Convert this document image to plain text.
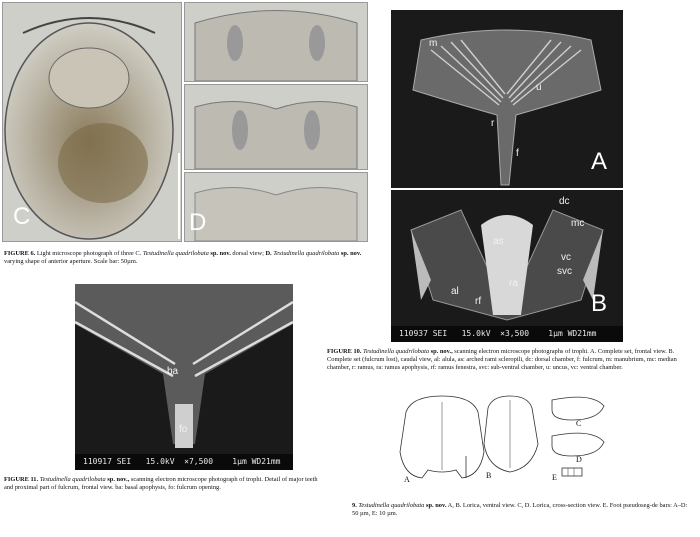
C	D
FIGURE 6. Light microscope photograph of three C. Testudinella quadrilobata sp. nov. dorsal view; D. Testudinella quadrilobata sp. nov. varying shape of anterior aperture. Scale bar: 50µm.
m
u
r
f	A
dc
mc
as
vc
svc
al
rf
ra
B
110937 SEI   15.0kV  ×3,500    1µm WD21mm
FIGURE 10. Testudinella quadrilobata sp. nov., scanning electron microscope photographs of trophi. A. Complete set, frontal view. B. Complete set (fulcrum lost), caudal view, al: alula, as: arched rami scleropili, dc: dorsal chamber, f: fulcrum, m: manubrium, mc: median chamber, r: ramus, ra: ramus apophysis, rf: ramus fenestra, svc: sub-ventral chamber, u: uncus, vc: ventral chamber.
ba
fo
110917 SEI   15.0kV  ×7,500    1µm WD21mm
FIGURE 11. Testudinella quadrilobata sp. nov., scanning electron microscope photograph of trophi. Detail of major teeth and proximal part of fulcrum, frontal view. ba: basal apophysis, fo: fulcrum opening.
A	B
C
D
E
9. Testudinella quadrilobata sp. nov. A, B. Lorica, ventral view. C, D. Lorica, cross-section view. E. Foot pseudoseg-de bars: A–D: 50 µm, E: 10 µm.
